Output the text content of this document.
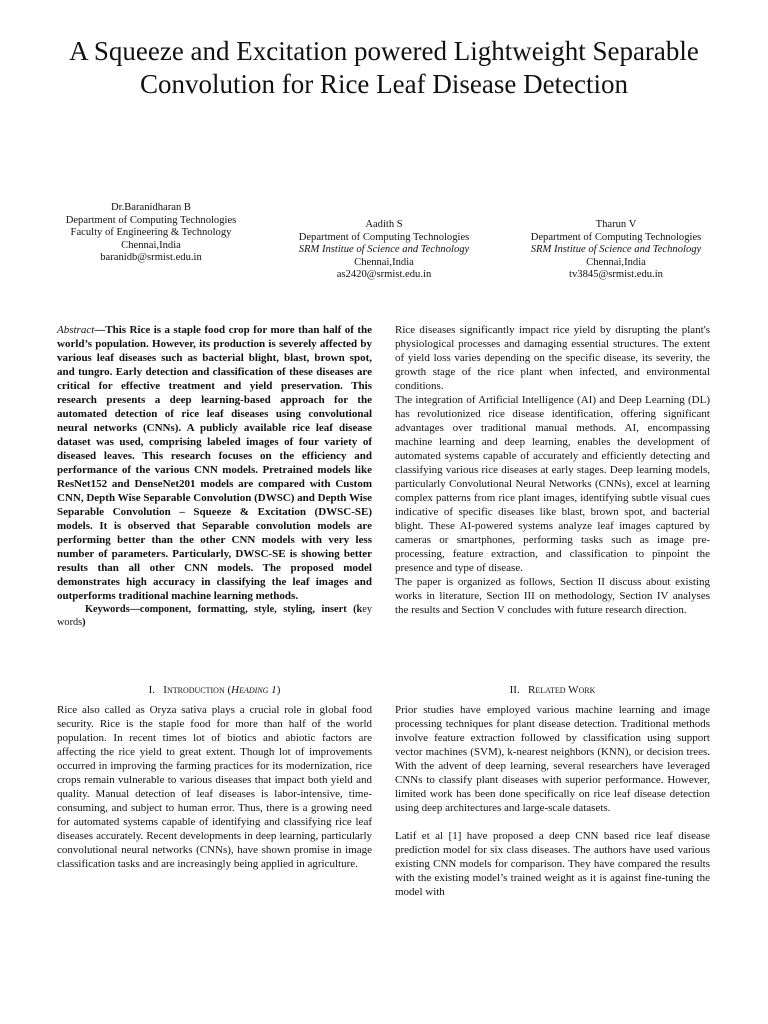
A Squeeze and Excitation powered Lightweight Separable Convolution for Rice Leaf Disease Detection
Dr.Baranidharan B
Department of Computing Technologies
Faculty of Engineering & Technology
Chennai,India
baranidb@srmist.edu.in
Aadith S
Department of Computing Technologies
SRM Institue of Science and Technology
Chennai,India
as2420@srmist.edu.in
Tharun V
Department of Computing Technologies
SRM Institue of Science and Technology
Chennai,India
tv3845@srmist.edu.in

Abstract—This Rice is a staple food crop for more than half of the world’s population. However, its production is severely affected by various leaf diseases such as bacterial blight, blast, brown spot, and tungro. Early detection and classification of these diseases are critical for effective treatment and yield preservation. This research presents a deep learning-based approach for the automated detection of rice leaf diseases using convolutional neural networks (CNNs). A publicly available rice leaf disease dataset was used, comprising labeled images of four variety of diseased leaves. This research focuses on the efficiency and performance of the various CNN models. Pretrained models like ResNet152 and DenseNet201 models are compared with Custom CNN, Depth Wise Separable Convolution (DWSC) and Depth Wise Separable Convolution – Squeeze & Excitation (DWSC-SE) models. It is observed that Separable convolution models are performing better than the other CNN models with very less number of parameters. Particularly, DWSC-SE is showing better results than all other CNN models. The proposed model demonstrates high accuracy in classifying the leaf images and outperforms traditional machine learning methods.

Keywords—component, formatting, style, styling, insert (key words)

I. Introduction (Heading 1)

Rice also called as Oryza sativa plays a crucial role in global food security. Rice is the staple food for more than half of the world population. In recent times lot of biotics and abiotic factors are affecting the rice yield to great extent. Though lot of improvements occurred in improving the farming practices for its modernization, rice crops remain vulnerable to various diseases that impact both yield and quality. Manual detection of leaf diseases is labor-intensive, time-consuming, and subject to human error. Thus, there is a growing need for automated systems capable of identifying and classifying rice leaf diseases accurately. Recent developments in deep learning, particularly convolutional neural networks (CNNs), have shown promise in image classification tasks and are increasingly being applied in agriculture.

Rice diseases significantly impact rice yield by disrupting the plant's physiological processes and damaging essential structures. The extent of yield loss varies depending on the specific disease, its severity, the growth stage of the rice plant when infected, and environmental conditions.

The integration of Artificial Intelligence (AI) and Deep Learning (DL) has revolutionized rice disease identification, offering significant advantages over traditional manual methods. AI, encompassing machine learning and deep learning, enables the development of automated systems capable of accurately and efficiently detecting and classifying various rice diseases at early stages. Deep learning models, particularly Convolutional Neural Networks (CNNs), excel at learning complex patterns from rice plant images, identifying subtle visual cues indicative of specific diseases like blast, brown spot, and bacterial blight. These AI-powered systems analyze leaf images captured by cameras or smartphones, performing tasks such as image pre-processing, feature extraction, and classification to pinpoint the presence and type of disease.

The paper is organized as follows, Section II discuss about existing works in literature, Section III on methodology, Section IV analyses the results and Section V concludes with future research direction.

II. Related Work

Prior studies have employed various machine learning and image processing techniques for plant disease detection. Traditional methods involve feature extraction followed by classification using support vector machines (SVM), k-nearest neighbors (KNN), or decision trees. With the advent of deep learning, several researchers have leveraged CNNs to classify plant diseases with superior performance. However, limited work has been done specifically on rice leaf disease detection using deep architectures and large-scale datasets.

Latif et al [1] have proposed a deep CNN based rice leaf disease prediction model for six class diseases. The authors have used various existing CNN models for comparison. They have compared the results with the existing model’s trained weight as it is against fine-tuning the model with
